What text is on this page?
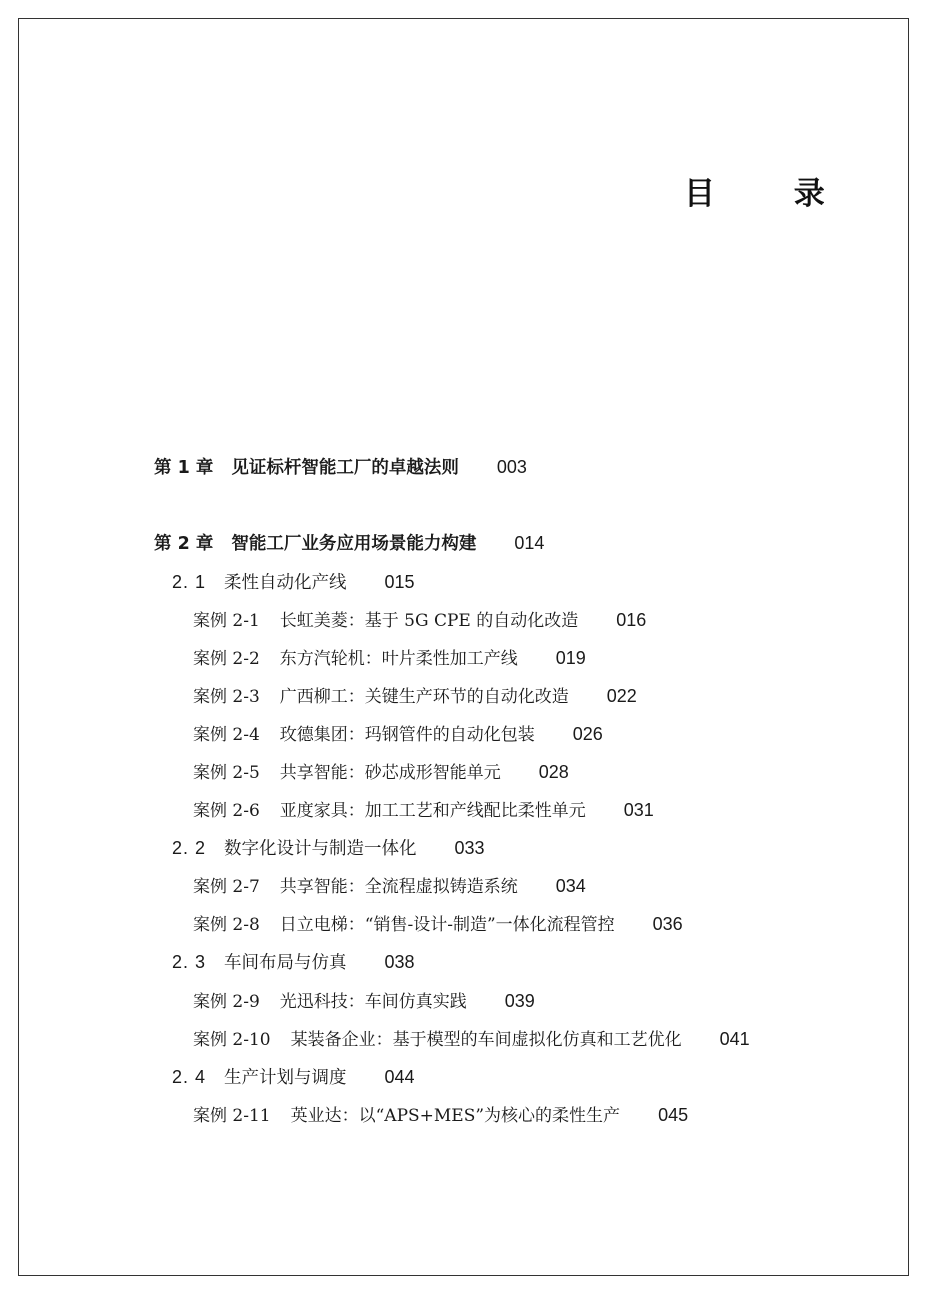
目 录
第 1 章 见证标杆智能工厂的卓越法则 003
第 2 章 智能工厂业务应用场景能力构建 014
2. 1 柔性自动化产线 015
案例 2-1 长虹美菱：基于 5G CPE 的自动化改造 016
案例 2-2 东方汽轮机：叶片柔性加工产线 019
案例 2-3 广西柳工：关键生产环节的自动化改造 022
案例 2-4 玫德集团：玛钢管件的自动化包装 026
案例 2-5 共享智能：砂芯成形智能单元 028
案例 2-6 亚度家具：加工工艺和产线配比柔性单元 031
2. 2 数字化设计与制造一体化 033
案例 2-7 共享智能：全流程虚拟铸造系统 034
案例 2-8 日立电梯：“销售-设计-制造”一体化流程管控 036
2. 3 车间布局与仿真 038
案例 2-9 光迅科技：车间仿真实践 039
案例 2-10 某装备企业：基于模型的车间虚拟化仿真和工艺优化 041
2. 4 生产计划与调度 044
案例 2-11 英业达：以“APS+MES”为核心的柔性生产 045
